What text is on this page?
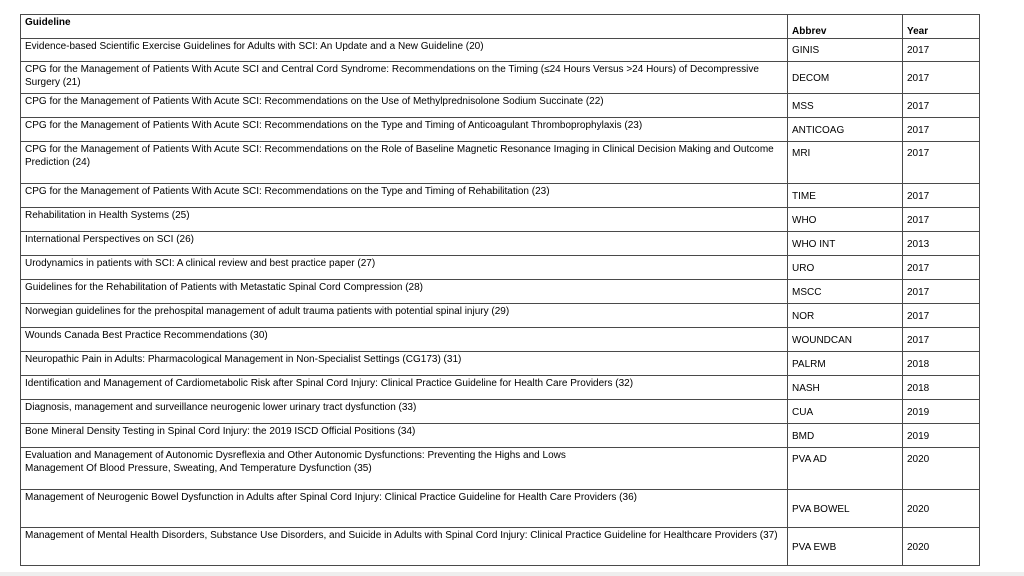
Guideline	Abbrev	Year
Evidence-based Scientific Exercise Guidelines for Adults with SCI: An Update and a New Guideline (20)	GINIS	2017
CPG for the Management of Patients With Acute SCI and Central Cord Syndrome: Recommendations on the Timing (≤24 Hours Versus >24 Hours) of Decompressive Surgery (21)	DECOM	2017
CPG for the Management of Patients With Acute SCI: Recommendations on the Use of Methylprednisolone Sodium Succinate (22)	MSS	2017
CPG for the Management of Patients With Acute SCI: Recommendations on the Type and Timing of Anticoagulant Thromboprophylaxis (23)	ANTICOAG	2017
CPG for the Management of Patients With Acute SCI: Recommendations on the Role of Baseline Magnetic Resonance Imaging in Clinical Decision Making and Outcome Prediction (24)	MRI	2017
CPG for the Management of Patients With Acute SCI: Recommendations on the Type and Timing of Rehabilitation (23)	TIME	2017
Rehabilitation in Health Systems (25)	WHO	2017
International Perspectives on SCI (26)	WHO INT	2013
Urodynamics in patients with SCI: A clinical review and best practice paper (27)	URO	2017
Guidelines for the Rehabilitation of Patients with Metastatic Spinal Cord Compression (28)	MSCC	2017
Norwegian guidelines for the prehospital management of adult trauma patients with potential spinal injury (29)	NOR	2017
Wounds Canada Best Practice Recommendations (30)	WOUNDCAN	2017
Neuropathic Pain in Adults: Pharmacological Management in Non-Specialist Settings (CG173) (31)	PALRM	2018
Identification and Management of Cardiometabolic Risk after Spinal Cord Injury: Clinical Practice Guideline for Health Care Providers (32)	NASH	2018
Diagnosis, management and surveillance neurogenic lower urinary tract dysfunction (33)	CUA	2019
Bone Mineral Density Testing in Spinal Cord Injury: the 2019 ISCD Official Positions (34)	BMD	2019

Evaluation and Management of Autonomic Dysreflexia and Other Autonomic Dysfunctions: Preventing the Highs and Lows
Management Of Blood Pressure, Sweating, And Temperature Dysfunction (35)	PVA AD	2020
Management of Neurogenic Bowel Dysfunction in Adults after Spinal Cord Injury: Clinical Practice Guideline for Health Care Providers (36)	PVA BOWEL	2020
Management of Mental Health Disorders, Substance Use Disorders, and Suicide in Adults with Spinal Cord Injury: Clinical Practice Guideline for Healthcare Providers (37)	PVA EWB	2020
